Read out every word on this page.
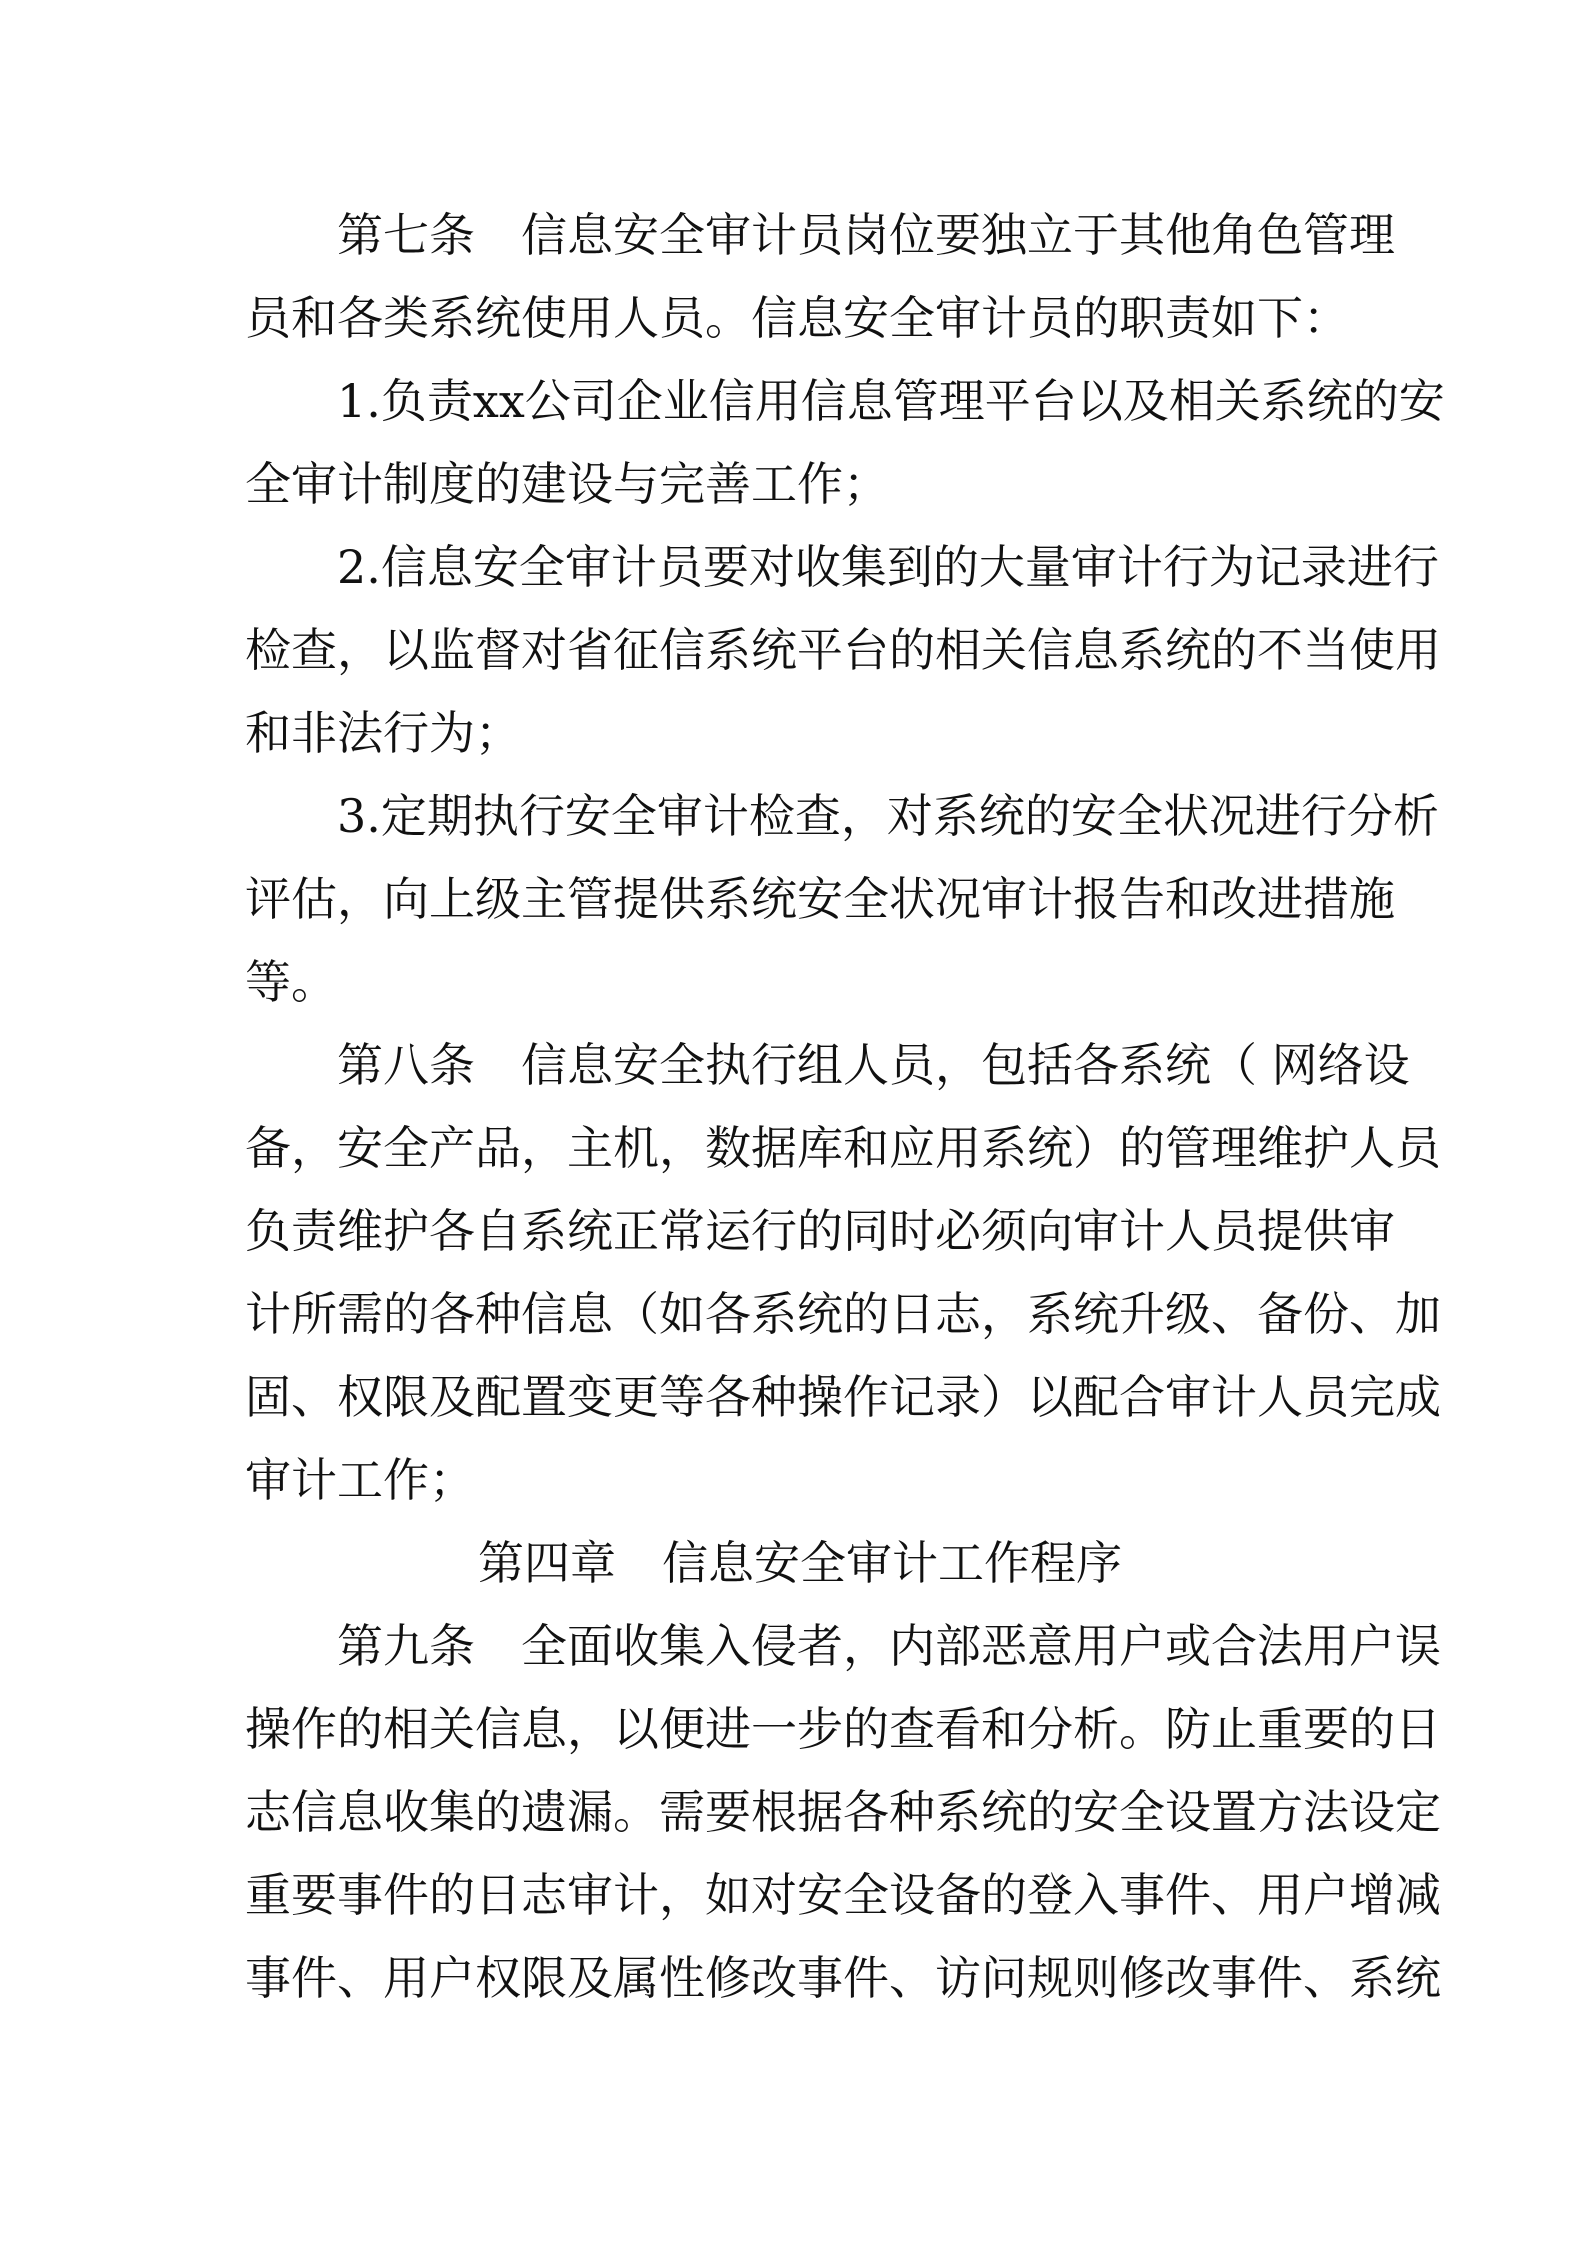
第七条　信息安全审计员岗位要独立于其他角色管理
员和各类系统使用人员。信息安全审计员的职责如下：
1.负责xx公司企业信用信息管理平台以及相关系统的安
全审计制度的建设与完善工作；
2.信息安全审计员要对收集到的大量审计行为记录进行
检查，以监督对省征信系统平台的相关信息系统的不当使用
和非法行为；
3.定期执行安全审计检查，对系统的安全状况进行分析
评估，向上级主管提供系统安全状况审计报告和改进措施
等。
第八条　信息安全执行组人员，包括各系统（ 网络设
备，安全产品，主机，数据库和应用系统）的管理维护人员
负责维护各自系统正常运行的同时必须向审计人员提供审
计所需的各种信息（如各系统的日志，系统升级、备份、加
固、权限及配置变更等各种操作记录）以配合审计人员完成
审计工作；
第四章　信息安全审计工作程序
第九条　全面收集入侵者，内部恶意用户或合法用户误
操作的相关信息，以便进一步的查看和分析。防止重要的日
志信息收集的遗漏。需要根据各种系统的安全设置方法设定
重要事件的日志审计，如对安全设备的登入事件、用户增减
事件、用户权限及属性修改事件、访问规则修改事件、系统
